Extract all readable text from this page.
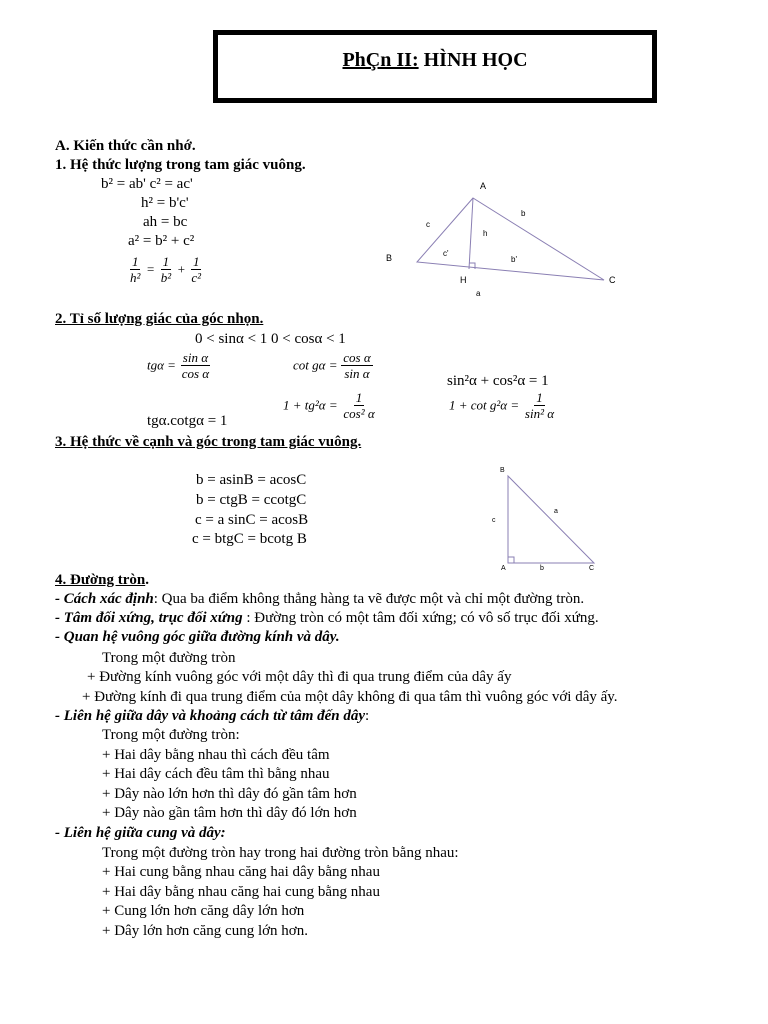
PhÇn II: HÌNH HỌC
A. Kiến thức cần nhớ.
1. Hệ thức lượng trong tam giác vuông.
b² = ab' c² = ac'
h² = b'c'
ah = bc
a² = b² + c²
$\frac{1}{\text{h²}} = \frac{1}{\text{b²}} + \frac{1}{\text{c²}}$
A
B
C
H
a
b
c
h
c'
b'
2. Tỉ số lượng giác của góc nhọn.
0 < sinα < 1 0 < cosα < 1
$tg\alpha = \frac{\text{sin α}}{\text{cos α}}$	$\cot g\alpha = \frac{\text{cos α}}{\text{sin α}}$	sin²α + cos²α = 1
$1 + tg^2\alpha = \frac{1}{\text{cos² α}}$	$1 + \cot g^2\alpha = \frac{1}{\text{sin² α}}$
tgα.cotgα = 1
3. Hệ thức về cạnh và góc trong tam giác vuông.
b = asinB = acosC
b = ctgB = ccotgC
c = a sinC = acosB
c = btgC = bcotg B
B
A	C
a
b
c
4. Đường tròn.
- Cách xác định: Qua ba điểm không thẳng hàng ta vẽ được một và chỉ một đường tròn.
- Tâm đối xứng, trục đối xứng : Đường tròn có một tâm đối xứng; có vô số trục đối xứng.
- Quan hệ vuông góc giữa đường kính và dây.
Trong một đường tròn
+ Đường kính vuông góc với một dây thì đi qua trung điểm của dây ấy
+ Đường kính đi qua trung điểm của một dây không đi qua tâm thì vuông góc với dây ấy.
- Liên hệ giữa dây và khoảng cách từ tâm đến dây:
Trong một đường tròn:
+ Hai dây bằng nhau thì cách đều tâm
+ Hai dây cách đều tâm thì bằng nhau
+ Dây nào lớn hơn thì dây đó gần tâm hơn
+ Dây nào gần tâm hơn thì dây đó lớn hơn
- Liên hệ giữa cung và dây:
Trong một đường tròn hay trong hai đường tròn bằng nhau:
+ Hai cung bằng nhau căng hai dây bằng nhau
+ Hai dây bằng nhau căng hai cung bằng nhau
+ Cung lớn hơn căng dây lớn hơn
+ Dây lớn hơn căng cung lớn hơn.
